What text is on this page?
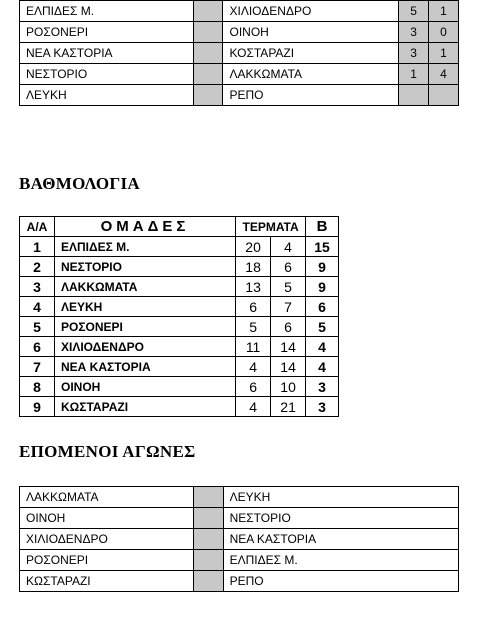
ΕΛΠΙΔΕΣ Μ.		ΧΙΛΙΟΔΕΝΔΡΟ	5	1
ΡΟΣΟΝΕΡΙ		ΟΙΝΟΗ	3	0
ΝΕΑ ΚΑΣΤΟΡΙΑ		ΚΟΣΤΑΡΑΖΙ	3	1
ΝΕΣΤΟΡΙΟ		ΛΑΚΚΩΜΑΤΑ	1	4
ΛΕΥΚΗ		ΡΕΠΟ		
ΒΑΘΜΟΛΟΓΙΑ
Α/Α	ΟΜΑΔΕΣ	ΤΕΡΜΑΤΑ		Β
1	ΕΛΠΙΔΕΣ Μ.	20	4	15
2	ΝΕΣΤΟΡΙΟ	18	6	9
3	ΛΑΚΚΩΜΑΤΑ	13	5	9
4	ΛΕΥΚΗ	6	7	6
5	ΡΟΣΟΝΕΡΙ	5	6	5
6	ΧΙΛΙΟΔΕΝΔΡΟ	11	14	4
7	ΝΕΑ ΚΑΣΤΟΡΙΑ	4	14	4
8	ΟΙΝΟΗ	6	10	3
9	ΚΩΣΤΑΡΑΖΙ	4	21	3
ΕΠΟΜΕΝΟΙ ΑΓΩΝΕΣ
ΛΑΚΚΩΜΑΤΑ		ΛΕΥΚΗ
ΟΙΝΟΗ		ΝΕΣΤΟΡΙΟ
ΧΙΛΙΟΔΕΝΔΡΟ		ΝΕΑ ΚΑΣΤΟΡΙΑ
ΡΟΣΟΝΕΡΙ		ΕΛΠΙΔΕΣ Μ.
ΚΩΣΤΑΡΑΖΙ		ΡΕΠΟ
